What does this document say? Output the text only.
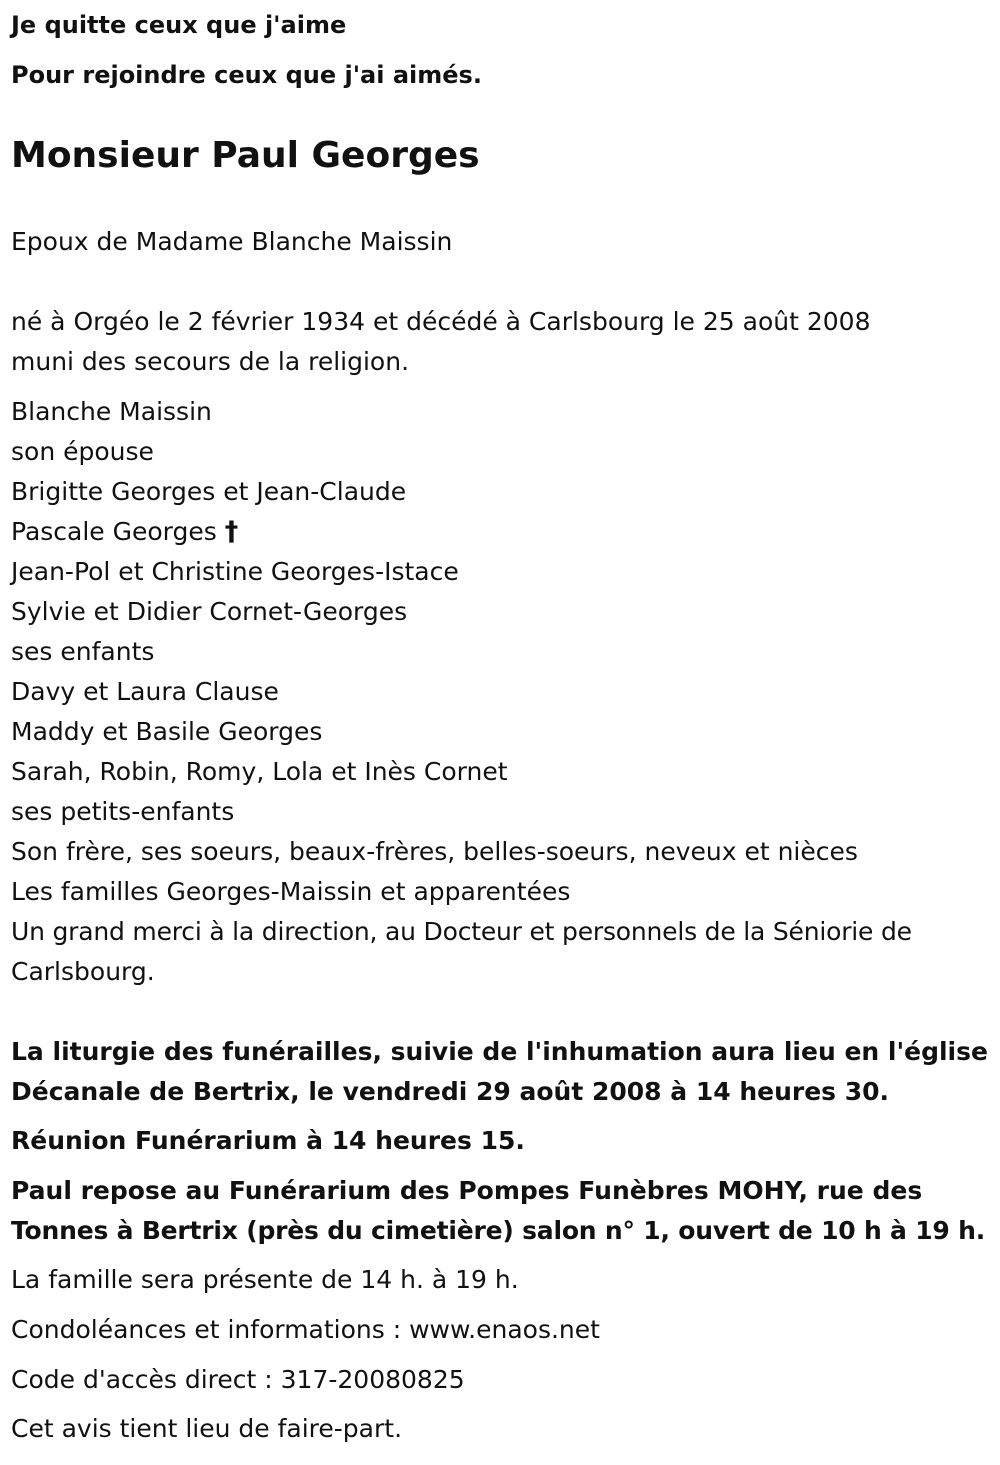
Je quitte ceux que j'aime
Pour rejoindre ceux que j'ai aimés.
Monsieur Paul Georges
Epoux de Madame Blanche Maissin
né à Orgéo le 2 février 1934 et décédé à Carlsbourg le 25 août 2008
muni des secours de la religion.
Blanche Maissin
son épouse
Brigitte Georges et Jean-Claude
Pascale Georges †
Jean-Pol et Christine Georges-Istace
Sylvie et Didier Cornet-Georges
ses enfants
Davy et Laura Clause
Maddy et Basile Georges
Sarah, Robin, Romy, Lola et Inès Cornet
ses petits-enfants
Son frère, ses soeurs, beaux-frères, belles-soeurs, neveux et nièces
Les familles Georges-Maissin et apparentées
Un grand merci à la direction, au Docteur et personnels de la Séniorie de
Carlsbourg.
La liturgie des funérailles, suivie de l'inhumation aura lieu en l'église
Décanale de Bertrix, le vendredi 29 août 2008 à 14 heures 30.
Réunion Funérarium à 14 heures 15.
Paul repose au Funérarium des Pompes Funèbres MOHY, rue des
Tonnes à Bertrix (près du cimetière) salon n° 1, ouvert de 10 h à 19 h.
La famille sera présente de 14 h. à 19 h.
Condoléances et informations : www.enaos.net
Code d'accès direct : 317-20080825
Cet avis tient lieu de faire-part.
